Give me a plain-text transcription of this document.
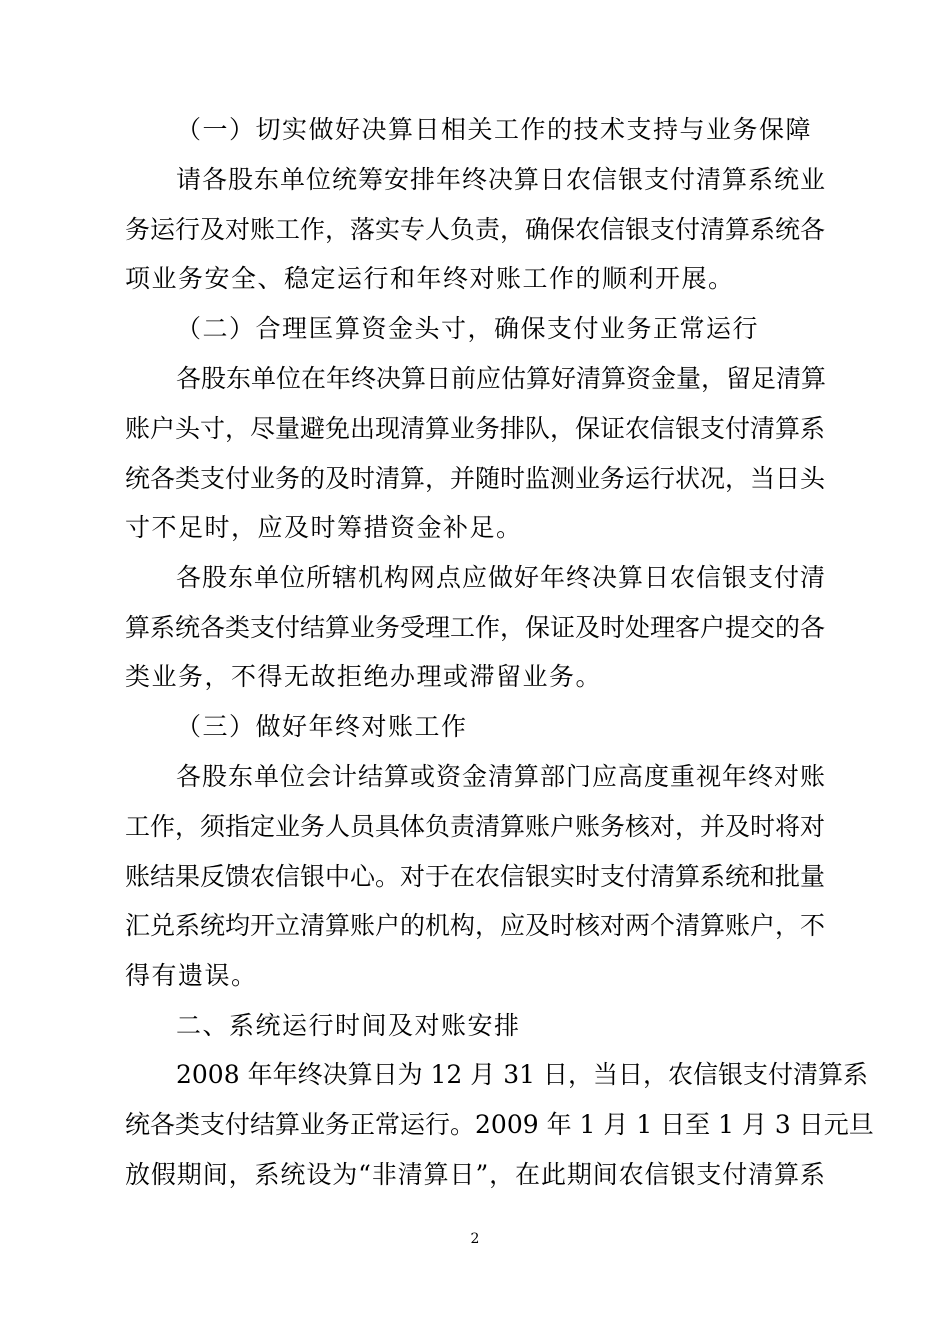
（一）切实做好决算日相关工作的技术支持与业务保障
请各股东单位统筹安排年终决算日农信银支付清算系统业
务运行及对账工作，落实专人负责，确保农信银支付清算系统各
项业务安全、稳定运行和年终对账工作的顺利开展。
（二）合理匡算资金头寸，确保支付业务正常运行
各股东单位在年终决算日前应估算好清算资金量，留足清算
账户头寸，尽量避免出现清算业务排队，保证农信银支付清算系
统各类支付业务的及时清算，并随时监测业务运行状况，当日头
寸不足时，应及时筹措资金补足。
各股东单位所辖机构网点应做好年终决算日农信银支付清
算系统各类支付结算业务受理工作，保证及时处理客户提交的各
类业务，不得无故拒绝办理或滞留业务。
（三）做好年终对账工作
各股东单位会计结算或资金清算部门应高度重视年终对账
工作，须指定业务人员具体负责清算账户账务核对，并及时将对
账结果反馈农信银中心。对于在农信银实时支付清算系统和批量
汇兑系统均开立清算账户的机构，应及时核对两个清算账户，不
得有遗误。
二、系统运行时间及对账安排
2008 年年终决算日为 12 月 31 日，当日，农信银支付清算系
统各类支付结算业务正常运行。2009 年 1 月 1 日至 1 月 3 日元旦
放假期间，系统设为“非清算日”，在此期间农信银支付清算系
2
